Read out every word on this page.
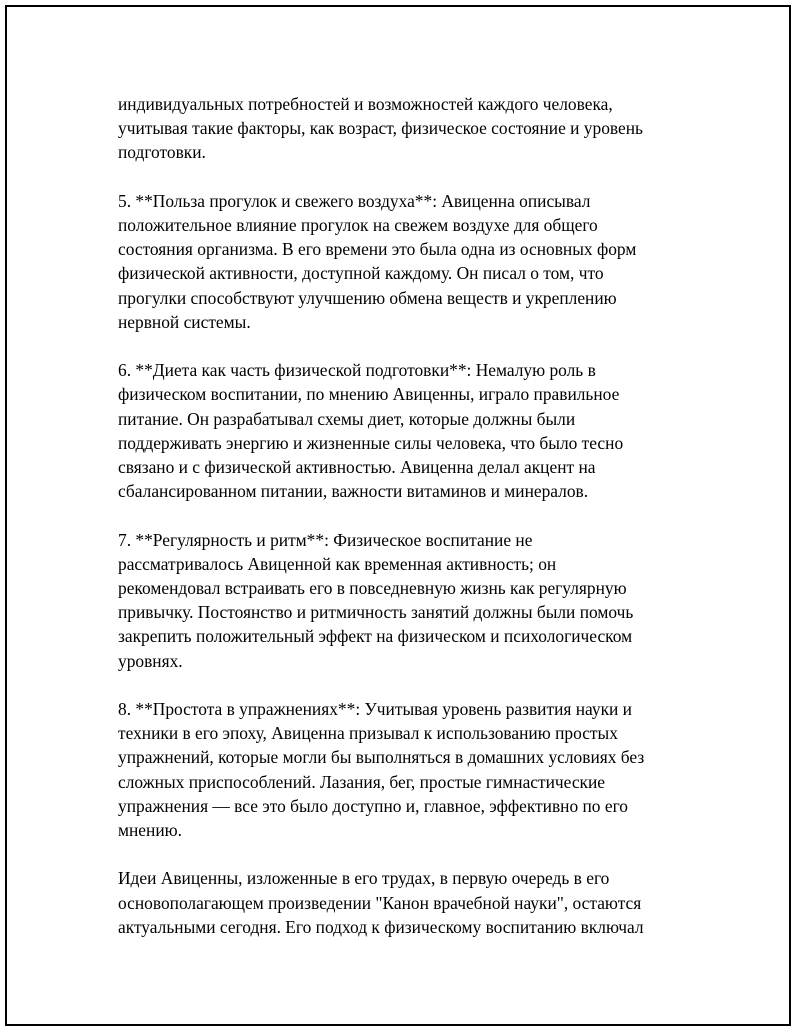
индивидуальных потребностей и возможностей каждого человека,
учитывая такие факторы, как возраст, физическое состояние и уровень
подготовки.
5. **Польза прогулок и свежего воздуха**: Авиценна описывал
положительное влияние прогулок на свежем воздухе для общего
состояния организма. В его времени это была одна из основных форм
физической активности, доступной каждому. Он писал о том, что
прогулки способствуют улучшению обмена веществ и укреплению
нервной системы.
6. **Диета как часть физической подготовки**: Немалую роль в
физическом воспитании, по мнению Авиценны, играло правильное
питание. Он разрабатывал схемы диет, которые должны были
поддерживать энергию и жизненные силы человека, что было тесно
связано и с физической активностью. Авиценна делал акцент на
сбалансированном питании, важности витаминов и минералов.
7. **Регулярность и ритм**: Физическое воспитание не
рассматривалось Авиценной как временная активность; он
рекомендовал встраивать его в повседневную жизнь как регулярную
привычку. Постоянство и ритмичность занятий должны были помочь
закрепить положительный эффект на физическом и психологическом
уровнях.
8. **Простота в упражнениях**: Учитывая уровень развития науки и
техники в его эпоху, Авиценна призывал к использованию простых
упражнений, которые могли бы выполняться в домашних условиях без
сложных приспособлений. Лазания, бег, простые гимнастические
упражнения — все это было доступно и, главное, эффективно по его
мнению.
Идеи Авиценны, изложенные в его трудах, в первую очередь в его
основополагающем произведении "Канон врачебной науки", остаются
актуальными сегодня. Его подход к физическому воспитанию включал
